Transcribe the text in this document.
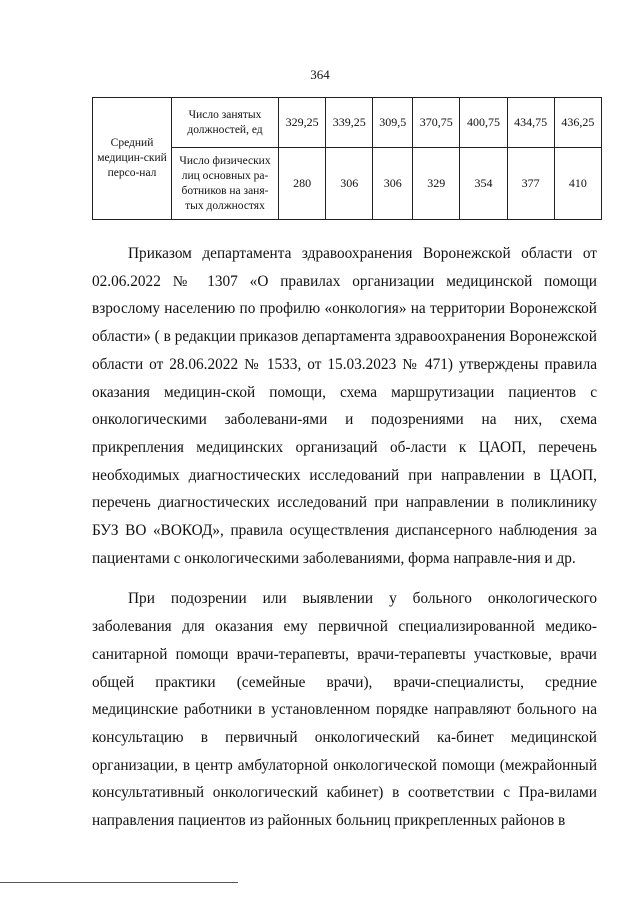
364
Средний медицин-ский персо-нал	Число занятых должностей, ед	329,25	339,25	309,5	370,75	400,75	434,75	436,25
	Число физических лиц основных ра-ботников на заня-тых должностях	280	306	306	329	354	377	410

Приказом департамента здравоохранения Воронежской области от 02.06.2022 № 1307 «О правилах организации медицинской помощи взрослому населению по профилю «онкология» на территории Воронежской области» ( в редакции приказов департамента здравоохранения Воронежской области от 28.06.2022 № 1533, от 15.03.2023 № 471) утверждены правила оказания медицин-ской помощи, схема маршрутизации пациентов с онкологическими заболевани-ями и подозрениями на них, схема прикрепления медицинских организаций об-ласти к ЦАОП, перечень необходимых диагностических исследований при направлении в ЦАОП, перечень диагностических исследований при направлении в поликлинику БУЗ ВО «ВОКОД», правила осуществления диспансерного наблюдения за пациентами с онкологическими заболеваниями, форма направле-ния и др.

При подозрении или выявлении у больного онкологического заболевания для оказания ему первичной специализированной медико-санитарной помощи врачи-терапевты, врачи-терапевты участковые, врачи общей практики (семейные врачи), врачи-специалисты, средние медицинские работники в установленном порядке направляют больного на консультацию в первичный онкологический ка-бинет медицинской организации, в центр амбулаторной онкологической помощи (межрайонный консультативный онкологический кабинет) в соответствии с Пра-вилами направления пациентов из районных больниц прикрепленных районов в
